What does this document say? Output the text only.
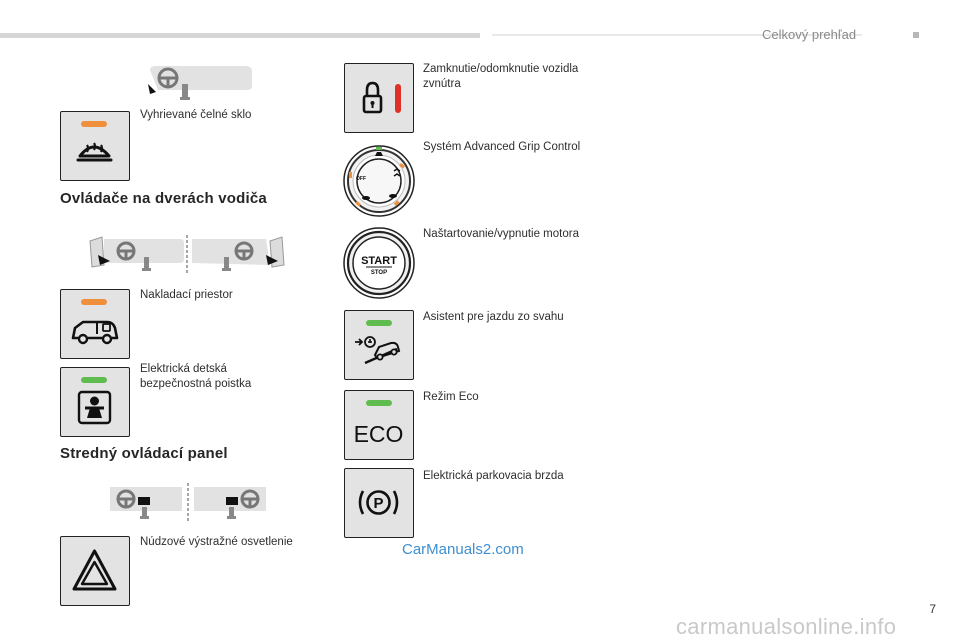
Celkový prehľad
Vyhrievané čelné sklo
Ovládače na dverách vodiča
Nakladací priestor
Elektrická detská
bezpečnostná poistka
Stredný ovládací panel
Núdzové výstražné osvetlenie
Zamknutie/odomknutie vozidla
zvnútra
OFF
Systém Advanced Grip Control
START
STOP
Naštartovanie/vypnutie motora
Asistent pre jazdu zo svahu
ECO
Režim Eco
P
Elektrická parkovacia brzda
CarManuals2.com
carmanualsonline.info
7
